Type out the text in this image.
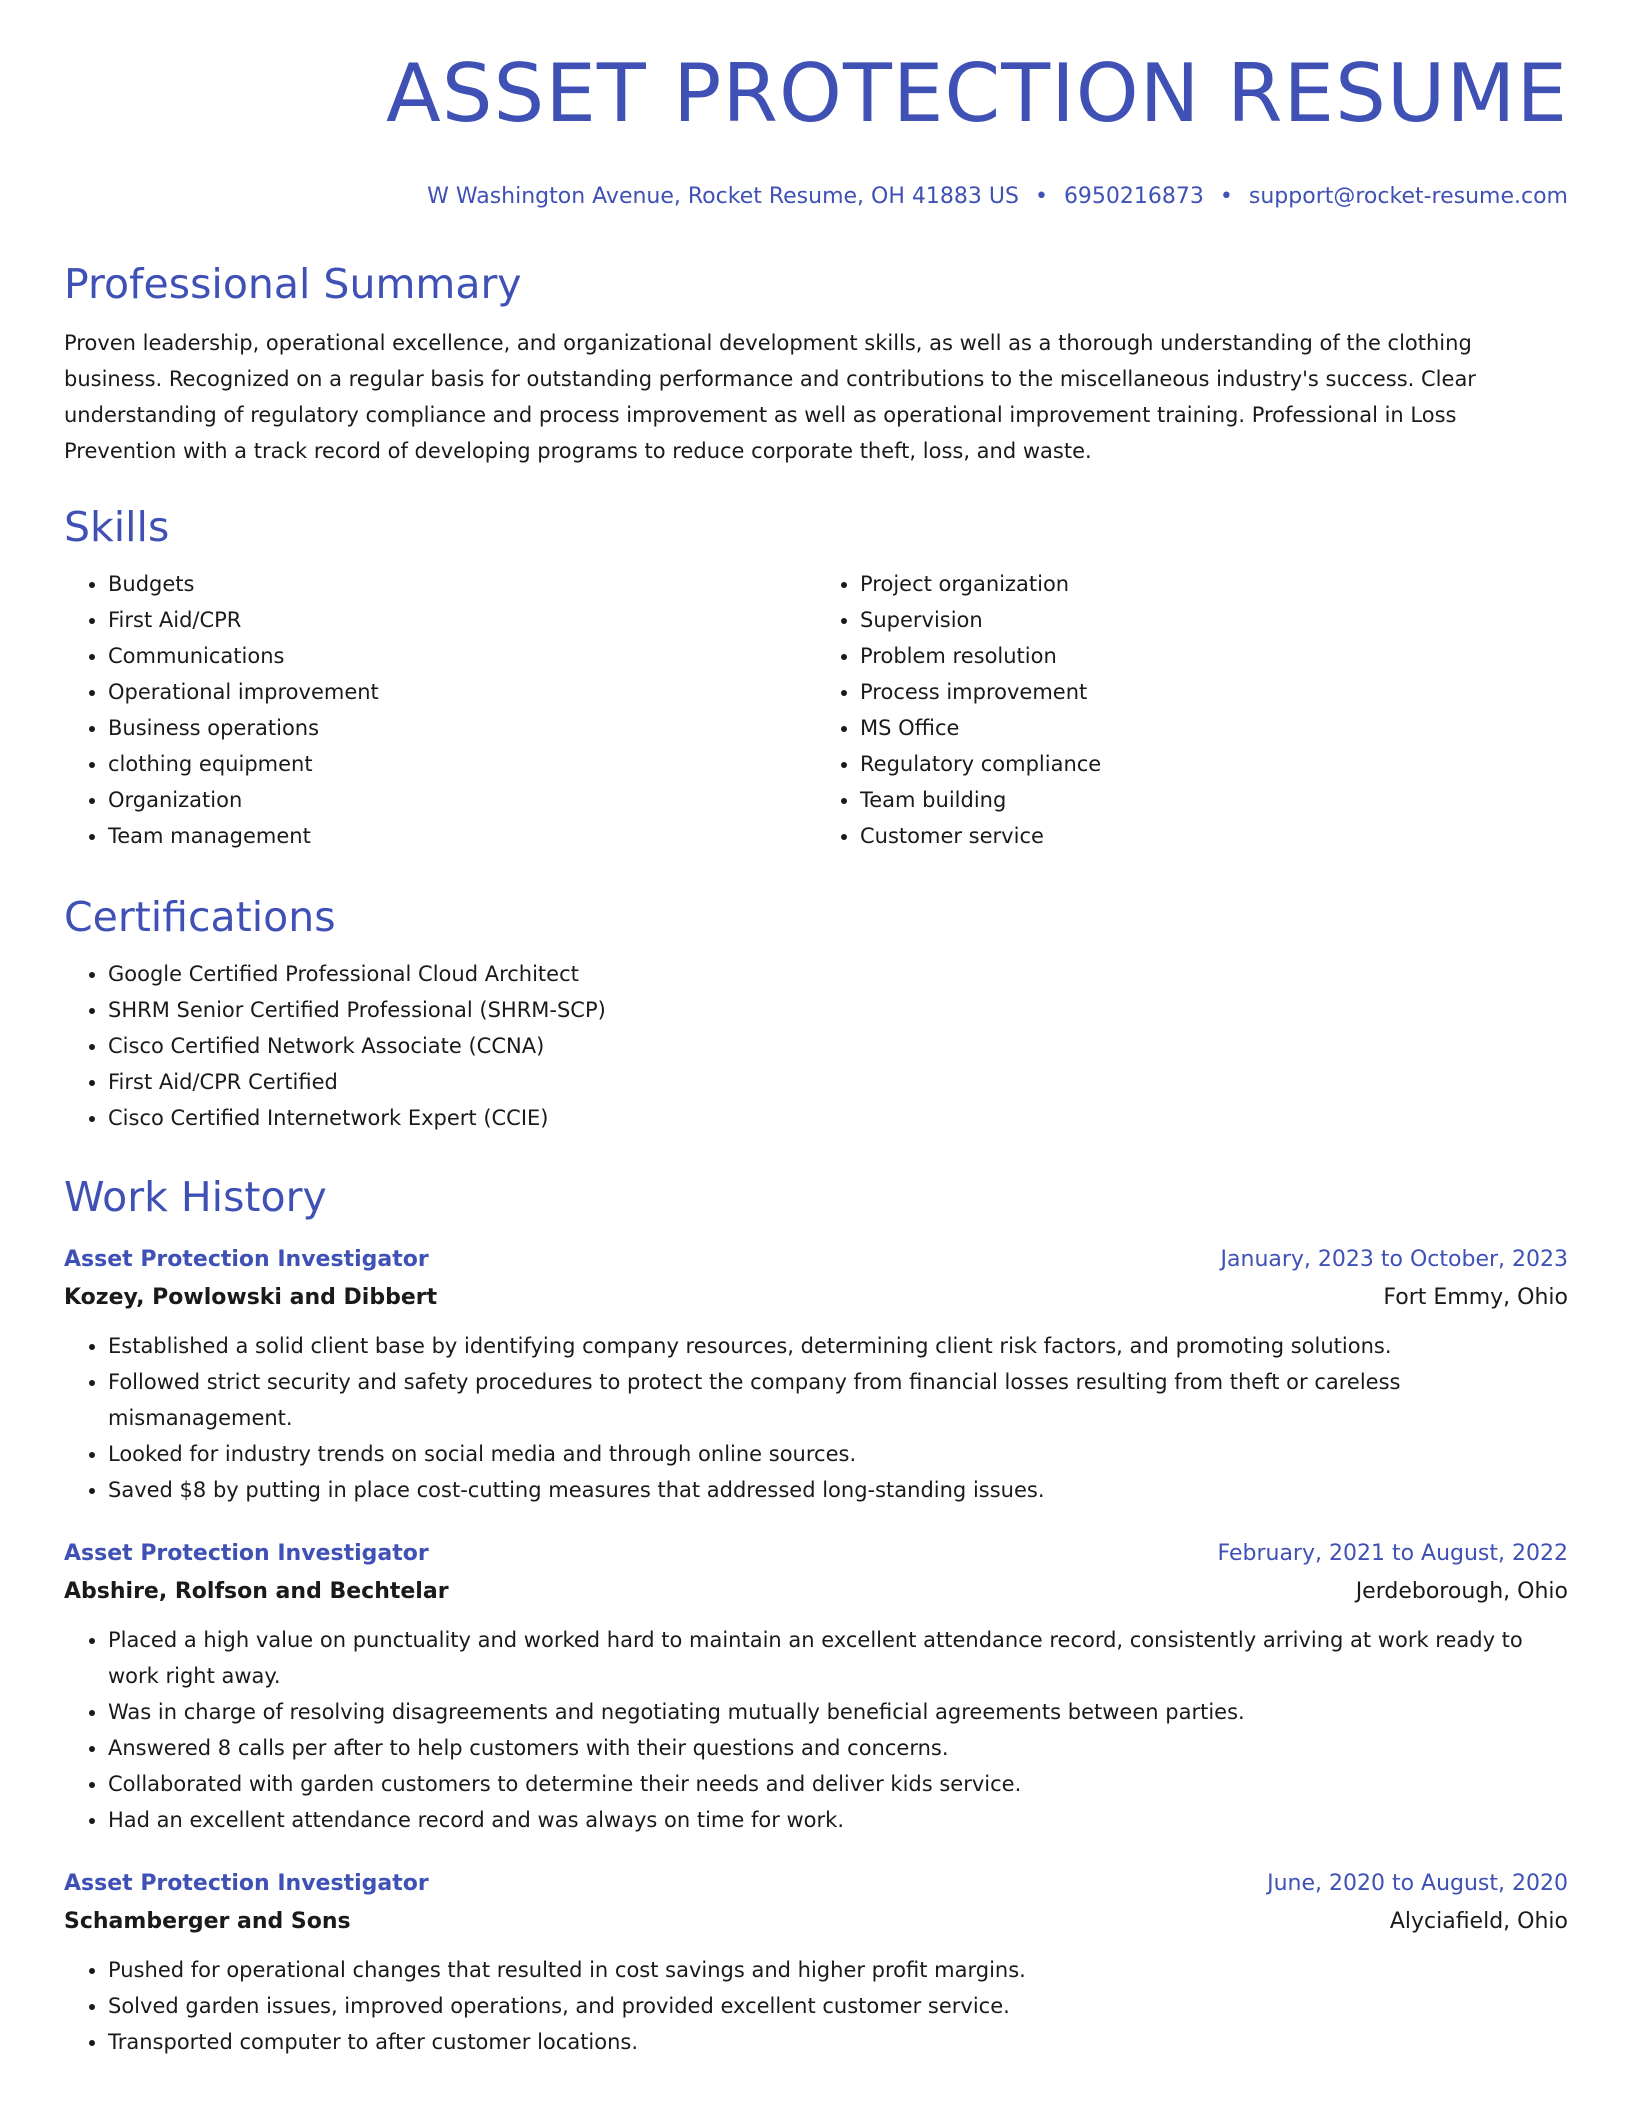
ASSET PROTECTION RESUME
W Washington Avenue, Rocket Resume, OH 41883 US • 6950216873 • support@rocket-resume.com
Professional Summary

Proven leadership, operational excellence, and organizational development skills, as well as a thorough understanding of the clothing business. Recognized on a regular basis for outstanding performance and contributions to the miscellaneous industry's success. Clear understanding of regulatory compliance and process improvement as well as operational improvement training. Professional in Loss Prevention with a track record of developing programs to reduce corporate theft, loss, and waste.

Skills
• Budgets
• First Aid/CPR
• Communications
• Operational improvement
• Business operations
• clothing equipment
• Organization
• Team management
• Project organization
• Supervision
• Problem resolution
• Process improvement
• MS Office
• Regulatory compliance
• Team building
• Customer service
Certifications
• Google Certified Professional Cloud Architect
• SHRM Senior Certified Professional (SHRM-SCP)
• Cisco Certified Network Associate (CCNA)
• First Aid/CPR Certified
• Cisco Certified Internetwork Expert (CCIE)
Work History
Asset Protection Investigator	January, 2023 to October, 2023
Kozey, Powlowski and Dibbert	Fort Emmy, Ohio
• Established a solid client base by identifying company resources, determining client risk factors, and promoting solutions.
• Followed strict security and safety procedures to protect the company from financial losses resulting from theft or careless mismanagement.
• Looked for industry trends on social media and through online sources.
• Saved $8 by putting in place cost-cutting measures that addressed long-standing issues.
Asset Protection Investigator	February, 2021 to August, 2022
Abshire, Rolfson and Bechtelar	Jerdeborough, Ohio
• Placed a high value on punctuality and worked hard to maintain an excellent attendance record, consistently arriving at work ready to work right away.
• Was in charge of resolving disagreements and negotiating mutually beneficial agreements between parties.
• Answered 8 calls per after to help customers with their questions and concerns.
• Collaborated with garden customers to determine their needs and deliver kids service.
• Had an excellent attendance record and was always on time for work.
Asset Protection Investigator	June, 2020 to August, 2020
Schamberger and Sons	Alyciafield, Ohio
• Pushed for operational changes that resulted in cost savings and higher profit margins.
• Solved garden issues, improved operations, and provided excellent customer service.
• Transported computer to after customer locations.
